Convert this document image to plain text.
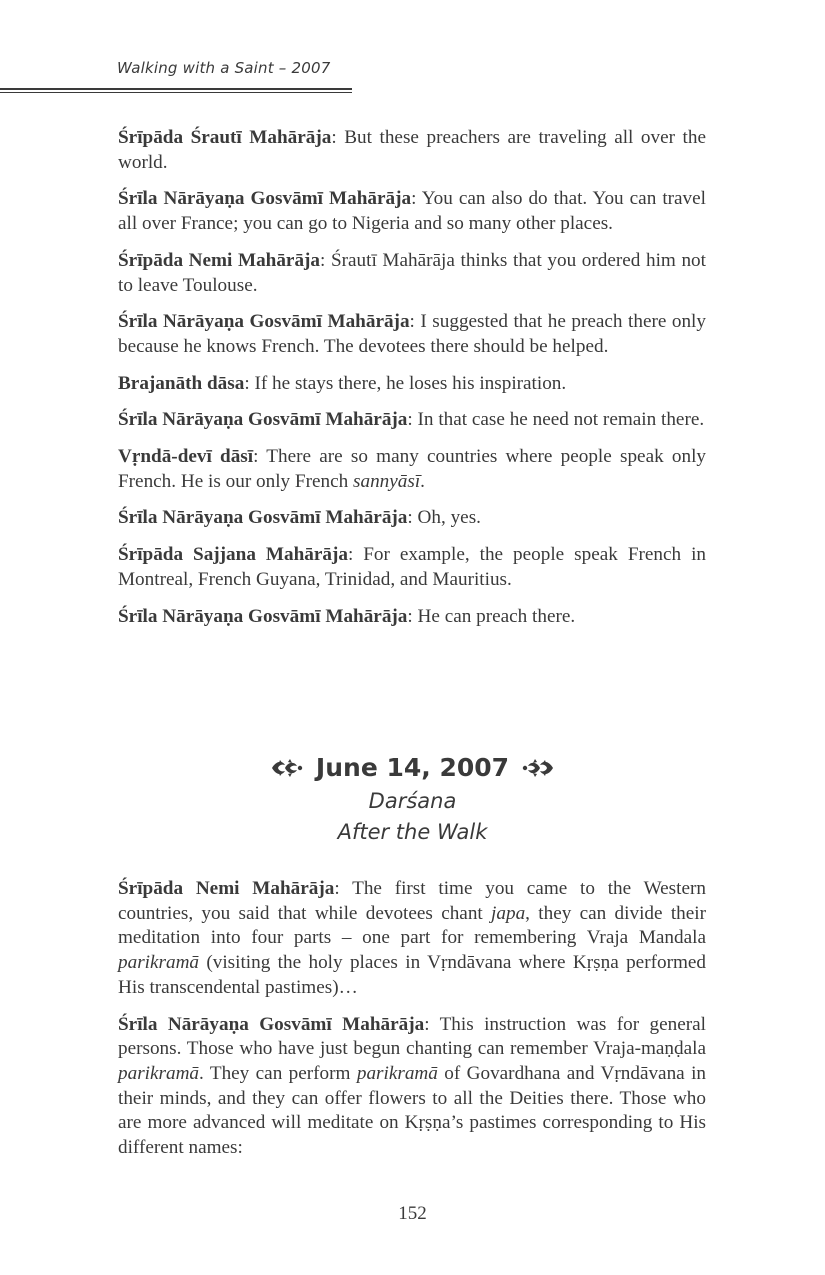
Walking with a Saint – 2007

Śrīpāda Śrautī Mahārāja: But these preachers are traveling all over the world.

Śrīla Nārāyaṇa Gosvāmī Mahārāja: You can also do that. You can travel all over France; you can go to Nigeria and so many other places.

Śrīpāda Nemi Mahārāja: Śrautī Mahārāja thinks that you ordered him not to leave Toulouse.

Śrīla Nārāyaṇa Gosvāmī Mahārāja: I suggested that he preach there only because he knows French. The devotees there should be helped.

Brajanāth dāsa: If he stays there, he loses his inspiration.

Śrīla Nārāyaṇa Gosvāmī Mahārāja: In that case he need not remain there.

Vṛndā-devī dāsī: There are so many countries where people speak only French. He is our only French sannyāsī.

Śrīla Nārāyaṇa Gosvāmī Mahārāja: Oh, yes.

Śrīpāda Sajjana Mahārāja: For example, the people speak French in Montreal, French Guyana, Trinidad, and Mauritius.

Śrīla Nārāyaṇa Gosvāmī Mahārāja: He can preach there.

June 14, 2007
Darśana
After the Walk

Śrīpāda Nemi Mahārāja: The first time you came to the Western countries, you said that while devotees chant japa, they can divide their meditation into four parts – one part for remembering Vraja Mandala parikramā (visiting the holy places in Vṛndāvana where Kṛṣṇa performed His transcendental pastimes)…

Śrīla Nārāyaṇa Gosvāmī Mahārāja: This instruction was for general persons. Those who have just begun chanting can remember Vraja-maṇḍala parikramā. They can perform parikramā of Govardhana and Vṛndāvana in their minds, and they can offer flowers to all the Deities there. Those who are more advanced will meditate on Kṛṣṇa’s pastimes corresponding to His different names:

152
